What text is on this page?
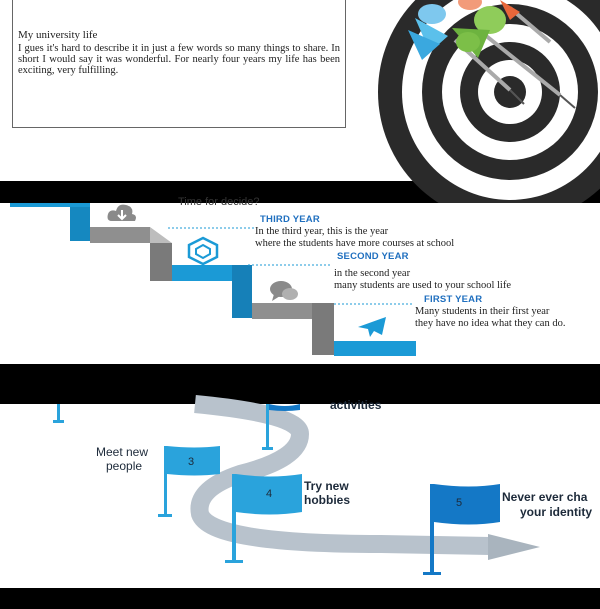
My university life
I gues it's hard to describe it in just a few words so many things to share. In short I would say it was wonderful. For nearly four years my life has been exciting, very fulfilling.
Time for decide?
THIRD YEAR
In the third year, this is the year
where the students have more courses at school
SECOND YEAR
in the second year
many students are used to your school life
FIRST YEAR
Many students in their first year
they have no idea what they can do.
activities
3
Meet new
people
4
Try new
hobbies	5	Never ever cha
your identity
